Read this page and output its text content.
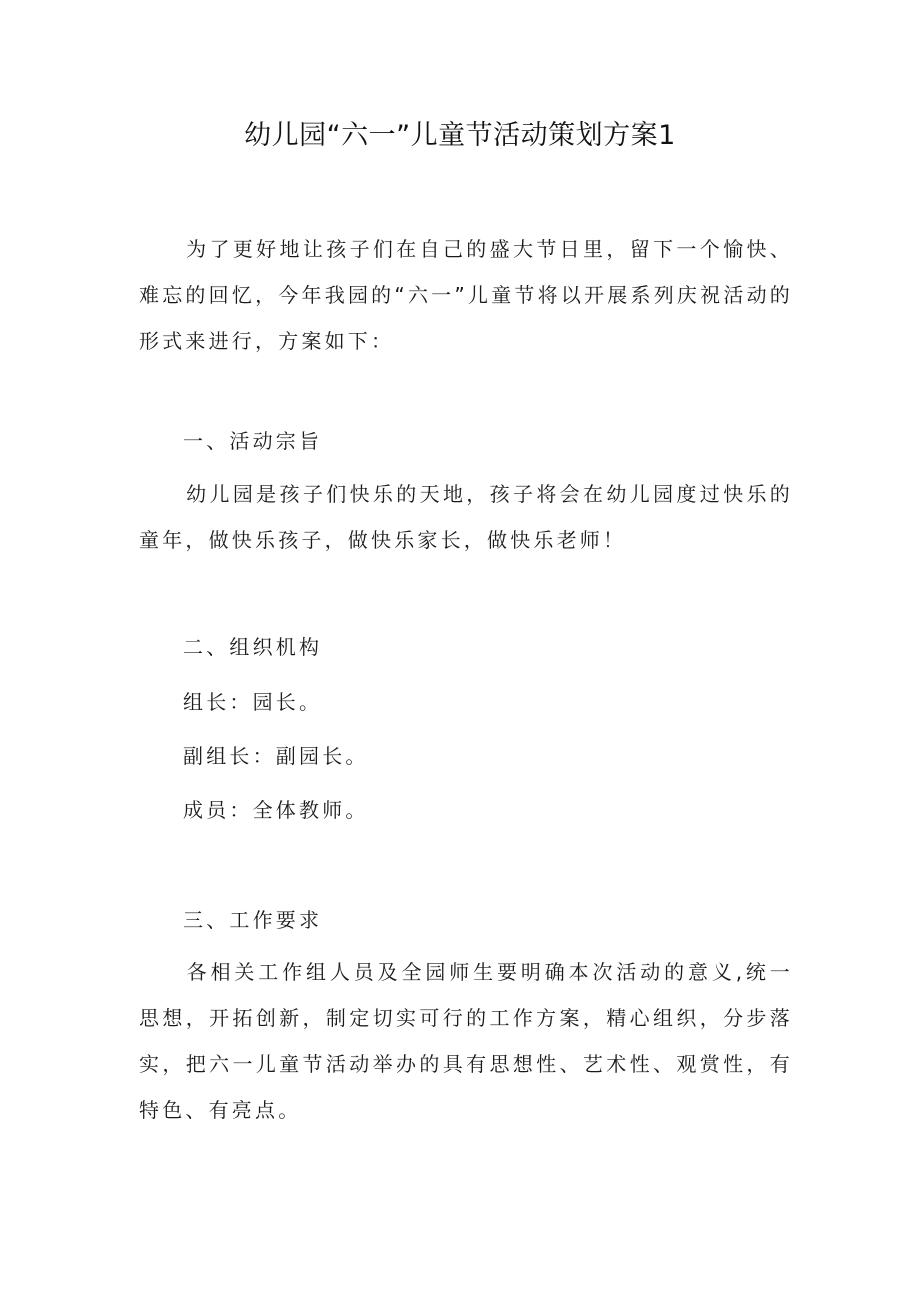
幼儿园“六一”儿童节活动策划方案1

为了更好地让孩子们在自己的盛大节日里，留下一个愉快、难忘的回忆，今年我园的“六一”儿童节将以开展系列庆祝活动的形式来进行，方案如下：

一、活动宗旨

幼儿园是孩子们快乐的天地，孩子将会在幼儿园度过快乐的童年，做快乐孩子，做快乐家长，做快乐老师！

二、组织机构

组长：园长。

副组长：副园长。

成员：全体教师。

三、工作要求

各相关工作组人员及全园师生要明确本次活动的意义,统一思想，开拓创新，制定切实可行的工作方案，精心组织，分步落实，把六一儿童节活动举办的具有思想性、艺术性、观赏性，有特色、有亮点。
